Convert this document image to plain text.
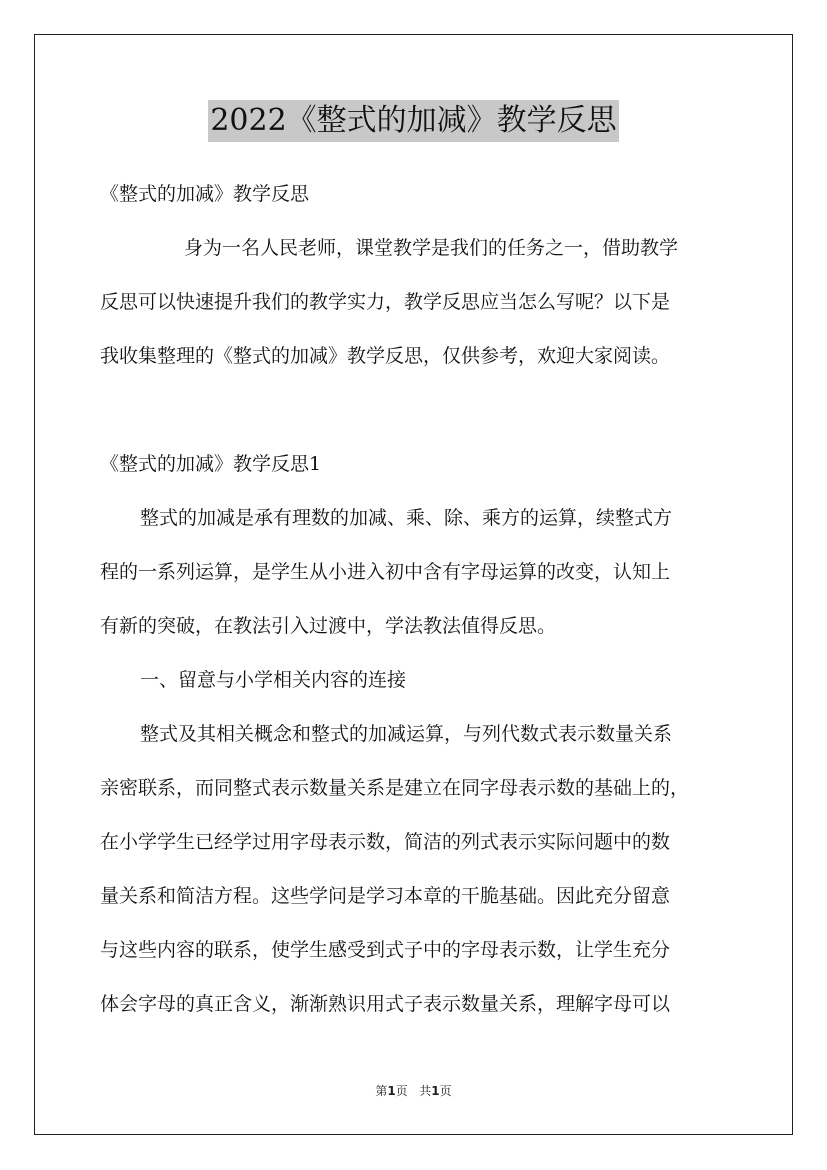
2022《整式的加减》教学反思
《整式的加减》教学反思
身为一名人民老师，课堂教学是我们的任务之一，借助教学
反思可以快速提升我们的教学实力，教学反思应当怎么写呢？以下是
我收集整理的《整式的加减》教学反思，仅供参考，欢迎大家阅读。
《整式的加减》教学反思1
整式的加减是承有理数的加减、乘、除、乘方的运算，续整式方
程的一系列运算，是学生从小进入初中含有字母运算的改变，认知上
有新的突破，在教法引入过渡中，学法教法值得反思。
一、留意与小学相关内容的连接
整式及其相关概念和整式的加减运算，与列代数式表示数量关系
亲密联系，而同整式表示数量关系是建立在同字母表示数的基础上的，
在小学学生已经学过用字母表示数，简洁的列式表示实际问题中的数
量关系和简洁方程。这些学问是学习本章的干脆基础。因此充分留意
与这些内容的联系，使学生感受到式子中的字母表示数，让学生充分
体会字母的真正含义，渐渐熟识用式子表示数量关系，理解字母可以
第1页 共1页
